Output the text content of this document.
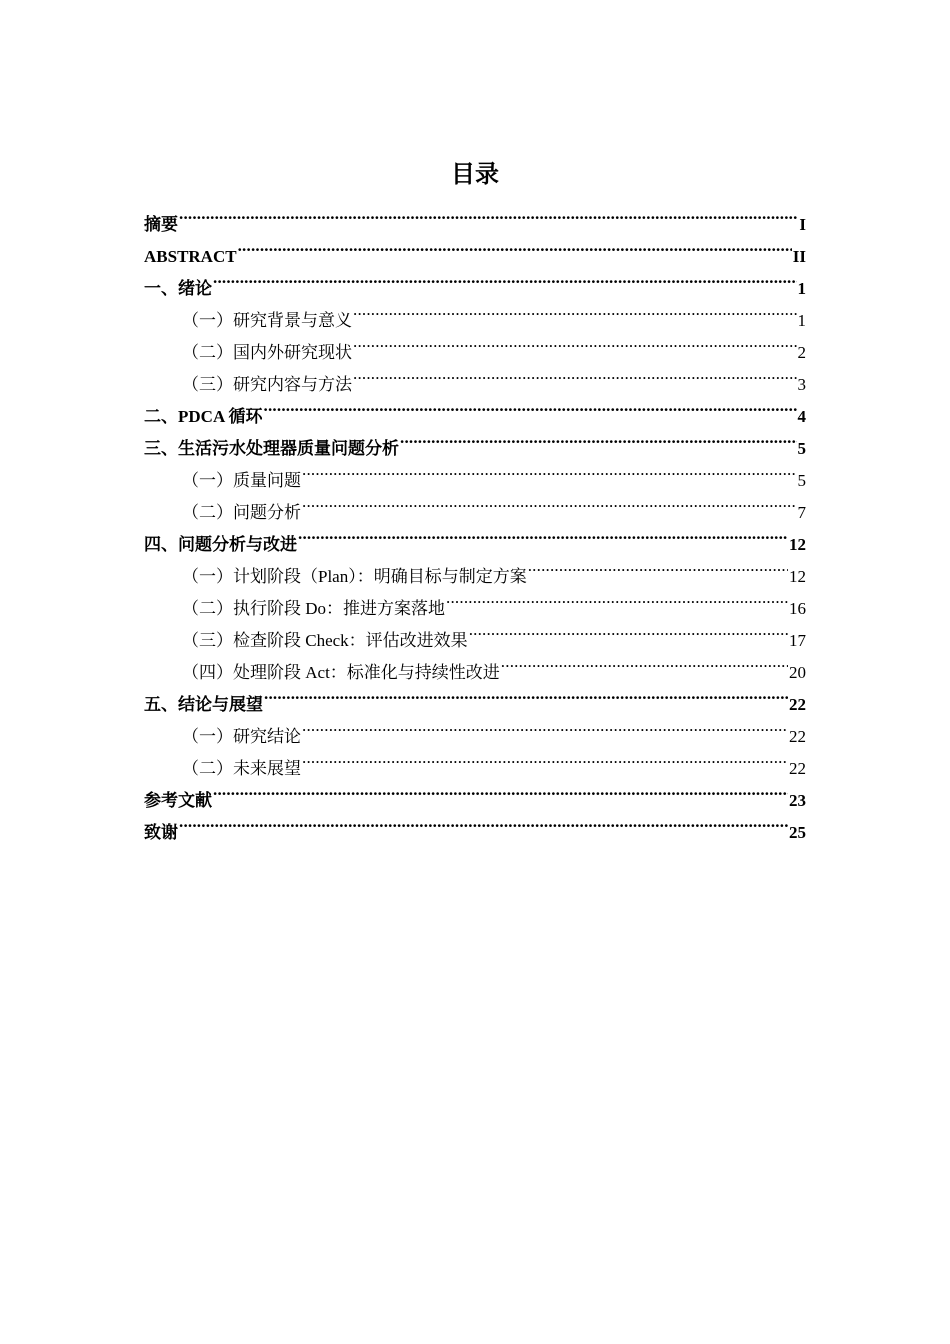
目录
摘要 .....	I
ABSTRACT .....	II
一、绪论 .....	1
（一）研究背景与意义 .....	1
（二）国内外研究现状 .....	2
（三）研究内容与方法 .....	3
二、PDCA 循环 .....	4
三、生活污水处理器质量问题分析 .....	5
（一）质量问题 .....	5
（二）问题分析 .....	7
四、问题分析与改进 .....	12
（一）计划阶段（Plan）：明确目标与制定方案 .....	12
（二）执行阶段 Do：推进方案落地 .....	16
（三）检查阶段 Check：评估改进效果 .....	17
（四）处理阶段 Act：标准化与持续性改进 .....	20
五、结论与展望 .....	22
（一）研究结论 .....	22
（二）未来展望 .....	22
参考文献 .....	23
致谢 .....	25
